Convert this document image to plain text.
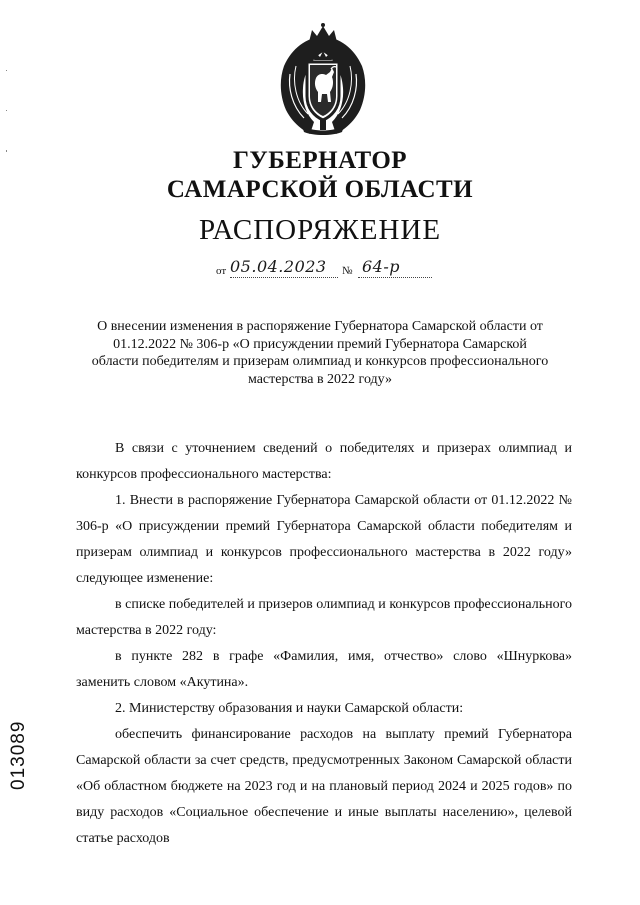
ГУБЕРНАТОР
САМАРСКОЙ ОБЛАСТИ
РАСПОРЯЖЕНИЕ
от 05.04.2023 № 64-р
О внесении изменения в распоряжение Губернатора Самарской области от 01.12.2022 № 306-р «О присуждении премий Губернатора Самарской области победителям и призерам олимпиад и конкурсов профессионального мастерства в 2022 году»

В связи с уточнением сведений о победителях и призерах олимпиад и конкурсов профессионального мастерства:

1. Внести в распоряжение Губернатора Самарской области от 01.12.2022 № 306-р «О присуждении премий Губернатора Самарской области победителям и призерам олимпиад и конкурсов профессионального мастерства в 2022 году» следующее изменение:

в списке победителей и призеров олимпиад и конкурсов профессионального мастерства в 2022 году:

в пункте 282 в графе «Фамилия, имя, отчество» слово «Шнуркова» заменить словом «Акутина».

2. Министерству образования и науки Самарской области:

обеспечить финансирование расходов на выплату премий Губернатора Самарской области за счет средств, предусмотренных Законом Самарской области «Об областном бюджете на 2023 год и на плановый период 2024 и 2025 годов» по виду расходов «Социальное обеспечение и иные выплаты населению», целевой статье расходов

013089
